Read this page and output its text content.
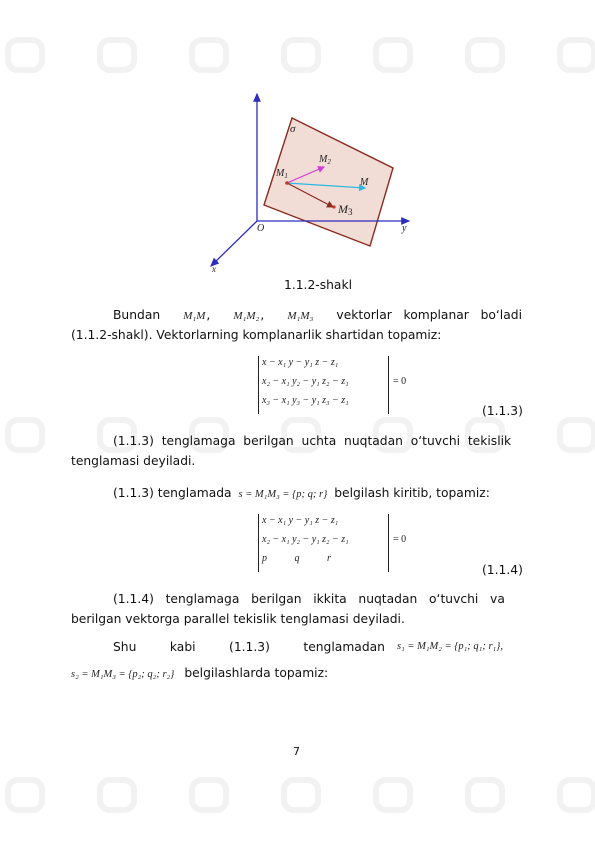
σ
$M_2$
$M_1$
M
M3
O	y
x
1.1.2-shakl
Bundan M₁M , M₁M₂ , M₁M₃ vektorlar   komplanar   bo‘ladi
(1.1.2-shakl). Vektorlarning komplanarlik shartidan topamiz:
x − x₁ y − y₁ z − z₁
x₂ − x₁ y₂ − y₁ z₂ − z₁
x₃ − x₁ y₃ − y₁ z₃ − z₁
= 0
(1.1.3)
(1.1.3)  tenglamaga  berilgan  uchta  nuqtadan  o‘tuvchi  tekislik
tenglamasi deyiladi.
(1.1.3) tenglamada s = M₁M₃ = {p; q; r} belgilash kiritib, topamiz:
x − x₁ y − y₁ z − z₁
x₂ − x₁ y₂ − y₁ z₂ − z₁
p           q           r
= 0
(1.1.4)
(1.1.4)   tenglamaga   berilgan   ikkita   nuqtadan   o‘tuvchi   va
berilgan vektorga parallel tekislik tenglamasi deyiladi.
Shu	kabi	(1.1.3)	tenglamadan s₁ = M₁M₂ = {p₁; q₁; r₁},
s₂ = M₁M₃ = {p₂; q₂; r₂} belgilashlarda topamiz:
7
